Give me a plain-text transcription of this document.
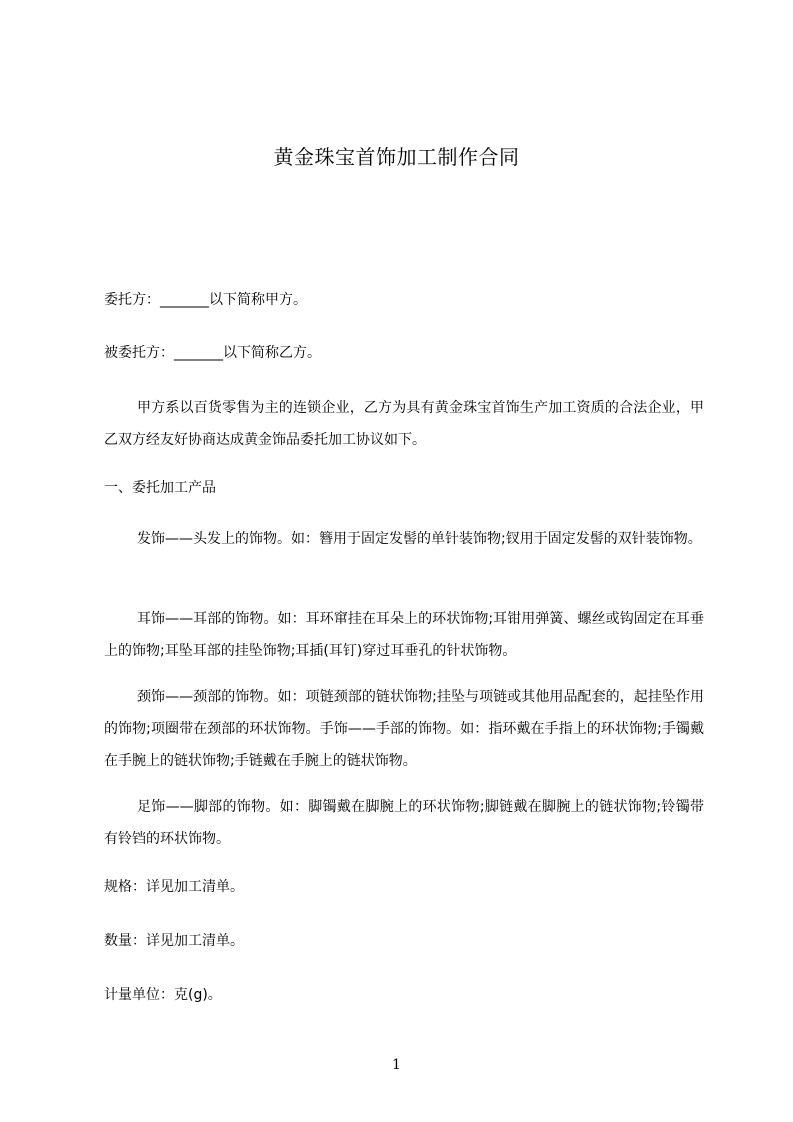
黄金珠宝首饰加工制作合同

委托方：_______以下简称甲方。

被委托方：_______以下简称乙方。

甲方系以百货零售为主的连锁企业，乙方为具有黄金珠宝首饰生产加工资质的合法企业，甲乙双方经友好协商达成黄金饰品委托加工协议如下。

一、委托加工产品

发饰——头发上的饰物。如：簪用于固定发髻的单针装饰物;钗用于固定发髻的双针装饰物。

耳饰——耳部的饰物。如：耳环窜挂在耳朵上的环状饰物;耳钳用弹簧、螺丝或钩固定在耳垂上的饰物;耳坠耳部的挂坠饰物;耳插(耳钉)穿过耳垂孔的针状饰物。

颈饰——颈部的饰物。如：项链颈部的链状饰物;挂坠与项链或其他用品配套的，起挂坠作用的饰物;项圈带在颈部的环状饰物。手饰——手部的饰物。如：指环戴在手指上的环状饰物;手镯戴在手腕上的链状饰物;手链戴在手腕上的链状饰物。

足饰——脚部的饰物。如：脚镯戴在脚腕上的环状饰物;脚链戴在脚腕上的链状饰物;铃镯带有铃铛的环状饰物。

规格：详见加工清单。

数量：详见加工清单。

计量单位：克(g)。

1
